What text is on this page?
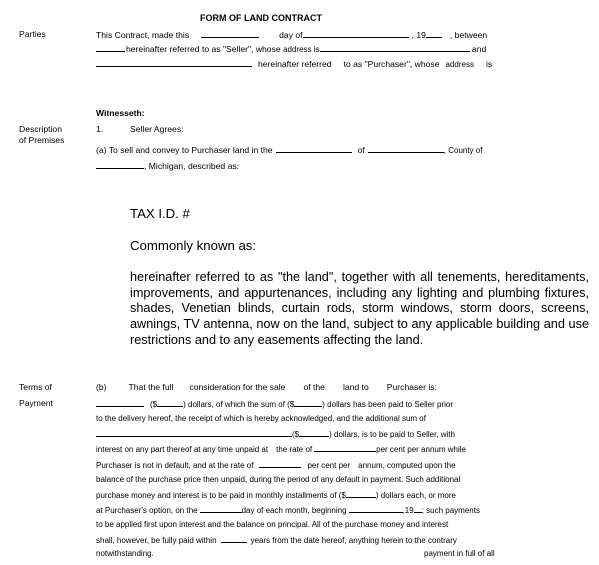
FORM OF LAND CONTRACT
Parties
Description
of Premises
Terms of
Payment
This Contract, made this	day of	, 19	, between
hereinafter referred to as "Seller", whose address is	and
hereinafter referred to as "Purchaser", whose address is
Witnesseth:
1.	Seller Agrees:
(a) To sell and convey to Purchaser land in the	of	, County of
, Michigan, described as:
TAX I.D. #
Commonly known as:
hereinafter referred to as "the land", together with all tenements, hereditaments, improvements, and appurtenances, including any lighting and plumbing fixtures, shades, Venetian blinds, curtain rods, storm windows, storm doors, screens, awnings, TV antenna, now on the land, subject to any applicable building and use restrictions and to any easements affecting the land.
(b)	That the full consideration for the sale of the land to Purchaser is:
($	) dollars, of which the sum of ($	) dollars has been paid to Seller prior
to the delivery hereof, the receipt of which is hereby acknowledged, and the additional sum of
($	) dollars, is to be paid to Seller, with
interest on any part thereof at any time unpaid at the rate of	per cent per annum while
Purchaser is not in default, and at the rate of	per cent per annum, computed upon the
balance of the purchase price then unpaid, during the period of any default in payment. Such additional
purchase money and interest is to be paid in monthly installments of ($	) dollars each, or more
at Purchaser's option, on the	day of each month, beginning	,19 ; such payments
to be applied first upon interest and the balance on principal. All of the purchase money and interest
shall, however, be fully paid within	years from the date hereof, anything herein to the contrary
notwithstanding.	payment in full of all
